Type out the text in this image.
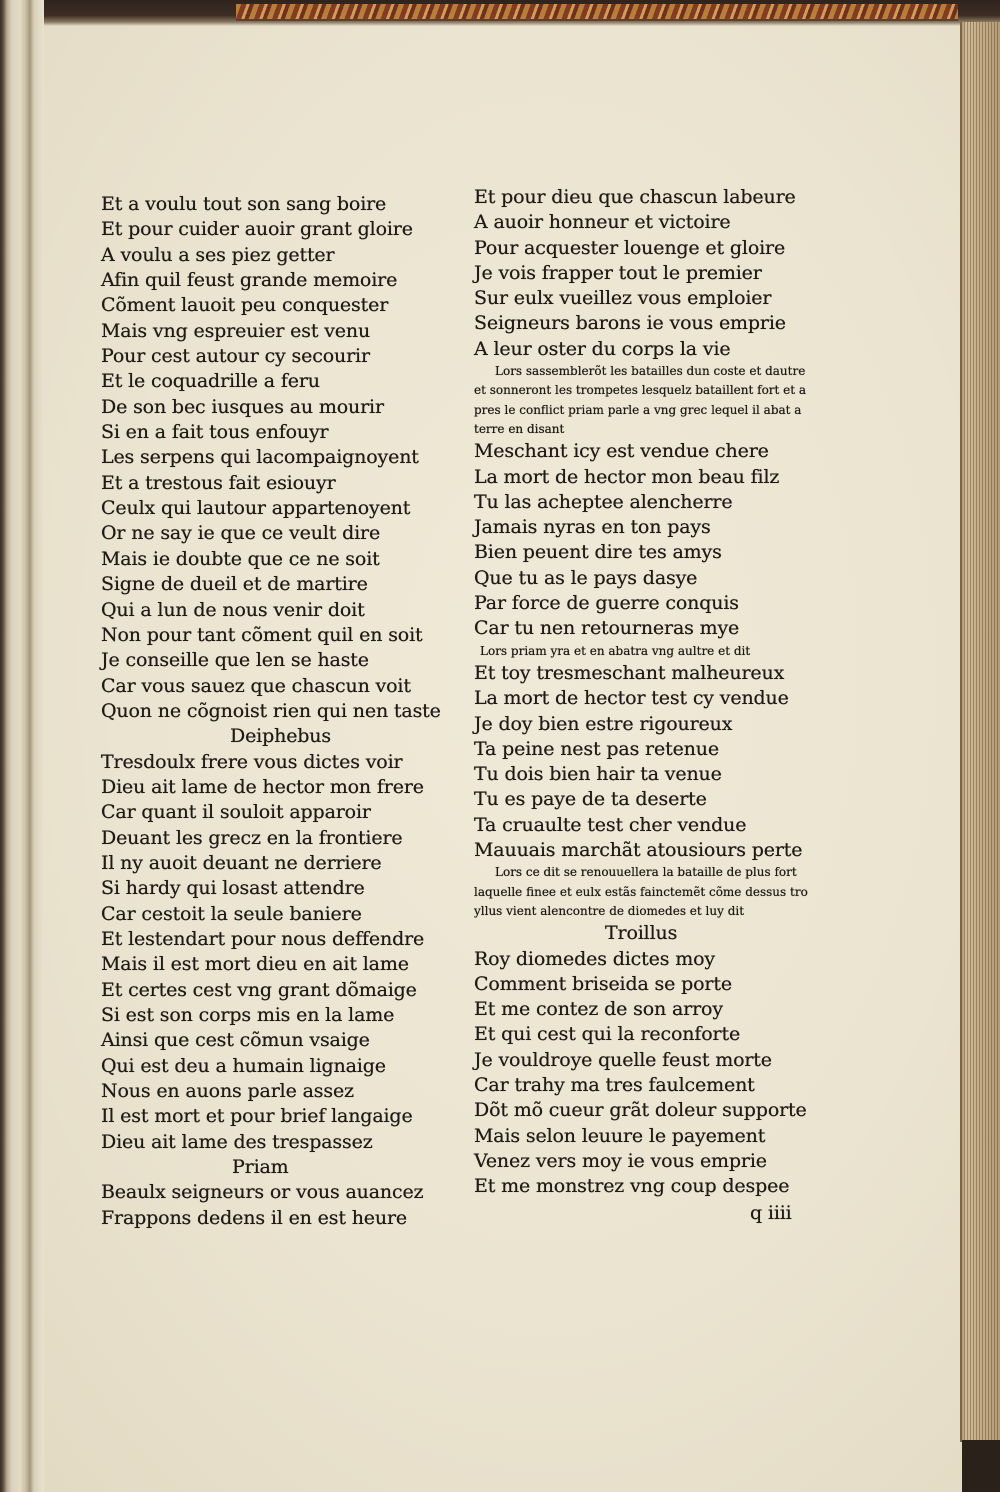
Et a voulu tout son sang boire
Et pour cuider auoir grant gloire
A voulu a ses piez getter
Afin quil feust grande memoire
Cõment lauoit peu conquester
Mais vng espreuier est venu
Pour cest autour cy secourir
Et le coquadrille a feru
De son bec iusques au mourir
Si en a fait tous enfouyr
Les serpens qui lacompaignoyent
Et a trestous fait esiouyr
Ceulx qui lautour appartenoyent
Or ne say ie que ce veult dire
Mais ie doubte que ce ne soit
Signe de dueil et de martire
Qui a lun de nous venir doit
Non pour tant cõment quil en soit
Je conseille que len se haste
Car vous sauez que chascun voit
Quon ne cõgnoist rien qui nen taste
Deiphebus
Tresdoulx frere vous dictes voir
Dieu ait lame de hector mon frere
Car quant il souloit apparoir
Deuant les grecz en la frontiere
Il ny auoit deuant ne derriere
Si hardy qui losast attendre
Car cestoit la seule baniere
Et lestendart pour nous deffendre
Mais il est mort dieu en ait lame
Et certes cest vng grant dõmaige
Si est son corps mis en la lame
Ainsi que cest cõmun vsaige
Qui est deu a humain lignaige
Nous en auons parle assez
Il est mort et pour brief langaige
Dieu ait lame des trespassez
Priam
Beaulx seigneurs or vous auancez
Frappons dedens il en est heure
Et pour dieu que chascun labeure
A auoir honneur et victoire
Pour acquester louenge et gloire
Je vois frapper tout le premier
Sur eulx vueillez vous emploier
Seigneurs barons ie vous emprie
A leur oster du corps la vie
Lors sassemblerõt les batailles dun coste et dautre
et sonneront les trompetes lesquelz bataillent fort et a
pres le conflict priam parle a vng grec lequel il abat a
terre en disant
Meschant icy est vendue chere
La mort de hector mon beau filz
Tu las acheptee alencherre
Jamais nyras en ton pays
Bien peuent dire tes amys
Que tu as le pays dasye
Par force de guerre conquis
Car tu nen retourneras mye
Lors priam yra et en abatra vng aultre et dit
Et toy tresmeschant malheureux
La mort de hector test cy vendue
Je doy bien estre rigoureux
Ta peine nest pas retenue
Tu dois bien hair ta venue
Tu es paye de ta deserte
Ta cruaulte test cher vendue
Mauuais marchãt atousiours perte
Lors ce dit se renouuellera la bataille de plus fort
laquelle finee et eulx estãs fainctemẽt cõme dessus tro
yllus vient alencontre de diomedes et luy dit
Troillus
Roy diomedes dictes moy
Comment briseida se porte
Et me contez de son arroy
Et qui cest qui la reconforte
Je vouldroye quelle feust morte
Car trahy ma tres faulcement
Dõt mõ cueur grãt doleur supporte
Mais selon leuure le payement
Venez vers moy ie vous emprie
Et me monstrez vng coup despee
q iiii
